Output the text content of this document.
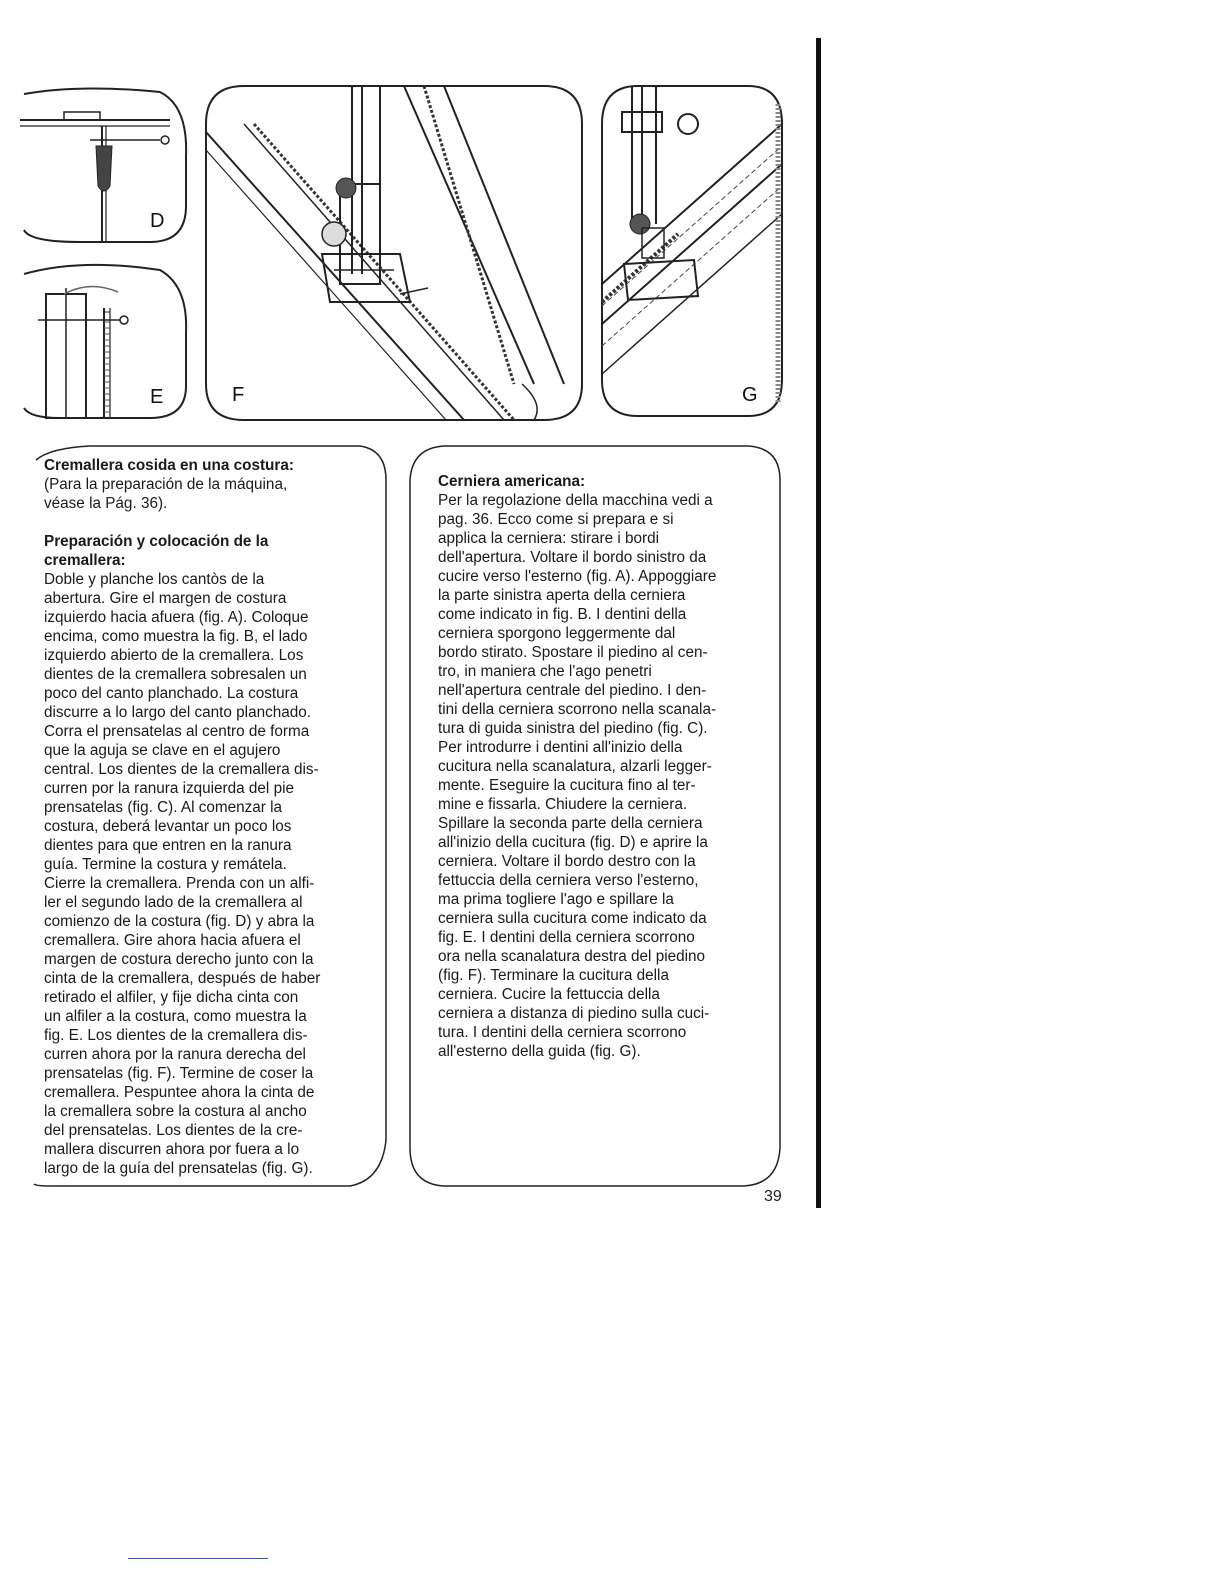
D
E	F	G
Cremallera cosida en una costura:

(Para la preparación de la máquina,

véase la Pág. 36).

Preparación y colocación de la
cremallera:

Doble y planche los cantòs de la

abertura. Gire el margen de costura

izquierdo hacia afuera (fig. A). Coloque

encima, como muestra la fig. B, el lado

izquierdo abierto de la cremallera. Los

dientes de la cremallera sobresalen un

poco del canto planchado. La costura

discurre a lo largo del canto planchado.

Corra el prensatelas al centro de forma

que la aguja se clave en el agujero

central. Los dientes de la cremallera dis-

curren por la ranura izquierda del pie

prensatelas (fig. C). Al comenzar la

costura, deberá levantar un poco los

dientes para que entren en la ranura

guía. Termine la costura y remátela.

Cierre la cremallera. Prenda con un alfi-

ler el segundo lado de la cremallera al

comienzo de la costura (fig. D) y abra la

cremallera. Gire ahora hacia afuera el

margen de costura derecho junto con la

cinta de la cremallera, después de haber

retirado el alfiler, y fije dicha cinta con

un alfiler a la costura, como muestra la

fig. E. Los dientes de la cremallera dis-

curren ahora por la ranura derecha del

prensatelas (fig. F). Termine de coser la

cremallera. Pespuntee ahora la cinta de

la cremallera sobre la costura al ancho

del prensatelas. Los dientes de la cre-

mallera discurren ahora por fuera a lo

largo de la guía del prensatelas (fig. G).

Cerniera americana:

Per la regolazione della macchina vedi a

pag. 36. Ecco come si prepara e si

applica la cerniera: stirare i bordi

dell'apertura. Voltare il bordo sinistro da

cucire verso l'esterno (fig. A). Appoggiare

la parte sinistra aperta della cerniera

come indicato in fig. B. I dentini della

cerniera sporgono leggermente dal

bordo stirato. Spostare il piedino al cen-

tro, in maniera che l'ago penetri

nell'apertura centrale del piedino. I den-

tini della cerniera scorrono nella scanala-

tura di guida sinistra del piedino (fig. C).

Per introdurre i dentini all'inizio della

cucitura nella scanalatura, alzarli legger-

mente. Eseguire la cucitura fino al ter-

mine e fissarla. Chiudere la cerniera.

Spillare la seconda parte della cerniera

all'inizio della cucitura (fig. D) e aprire la

cerniera. Voltare il bordo destro con la

fettuccia della cerniera verso l'esterno,

ma prima togliere l'ago e spillare la

cerniera sulla cucitura come indicato da

fig. E. I dentini della cerniera scorrono

ora nella scanalatura destra del piedino

(fig. F). Terminare la cucitura della

cerniera. Cucire la fettuccia della

cerniera a distanza di piedino sulla cuci-

tura. I dentini della cerniera scorrono

all'esterno della guida (fig. G).

39
